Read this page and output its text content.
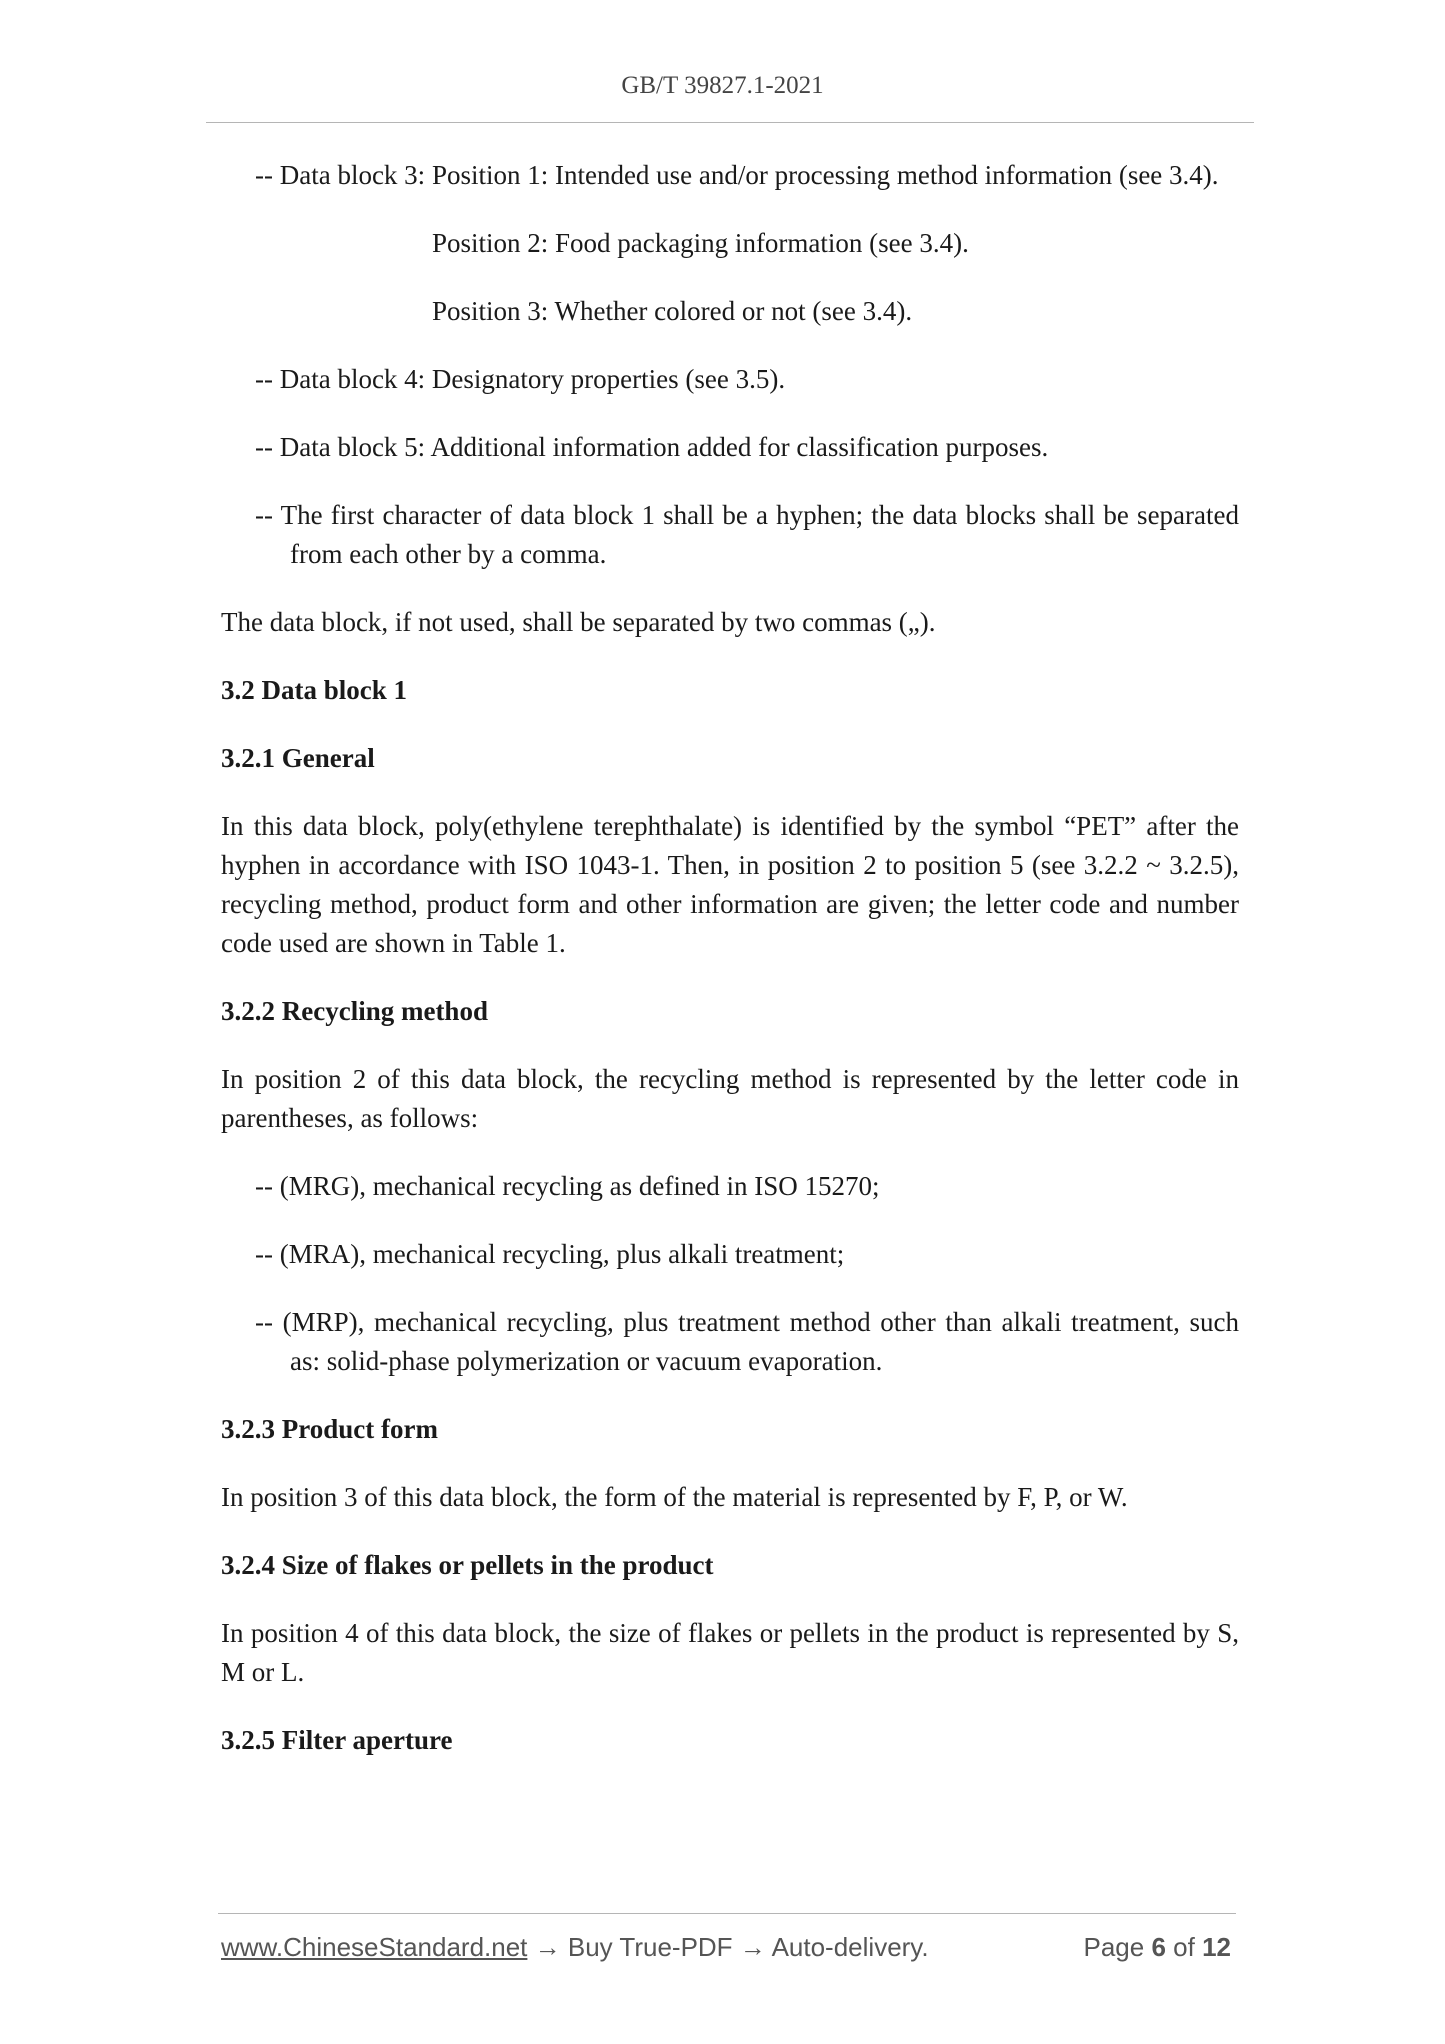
GB/T 39827.1-2021
-- Data block 3: Position 1: Intended use and/or processing method information (see 3.4).
Position 2: Food packaging information (see 3.4).
Position 3: Whether colored or not (see 3.4).
-- Data block 4: Designatory properties (see 3.5).
-- Data block 5: Additional information added for classification purposes.
-- The first character of data block 1 shall be a hyphen; the data blocks shall be separated from each other by a comma.
The data block, if not used, shall be separated by two commas („).
3.2 Data block 1
3.2.1 General
In this data block, poly(ethylene terephthalate) is identified by the symbol “PET” after the hyphen in accordance with ISO 1043-1. Then, in position 2 to position 5 (see 3.2.2 ~ 3.2.5), recycling method, product form and other information are given; the letter code and number code used are shown in Table 1.
3.2.2 Recycling method
In position 2 of this data block, the recycling method is represented by the letter code in parentheses, as follows:
-- (MRG), mechanical recycling as defined in ISO 15270;
-- (MRA), mechanical recycling, plus alkali treatment;
-- (MRP), mechanical recycling, plus treatment method other than alkali treatment, such as: solid-phase polymerization or vacuum evaporation.
3.2.3 Product form
In position 3 of this data block, the form of the material is represented by F, P, or W.
3.2.4 Size of flakes or pellets in the product
In position 4 of this data block, the size of flakes or pellets in the product is represented by S, M or L.
3.2.5 Filter aperture
www.ChineseStandard.net → Buy True-PDF → Auto-delivery.	Page 6 of 12
